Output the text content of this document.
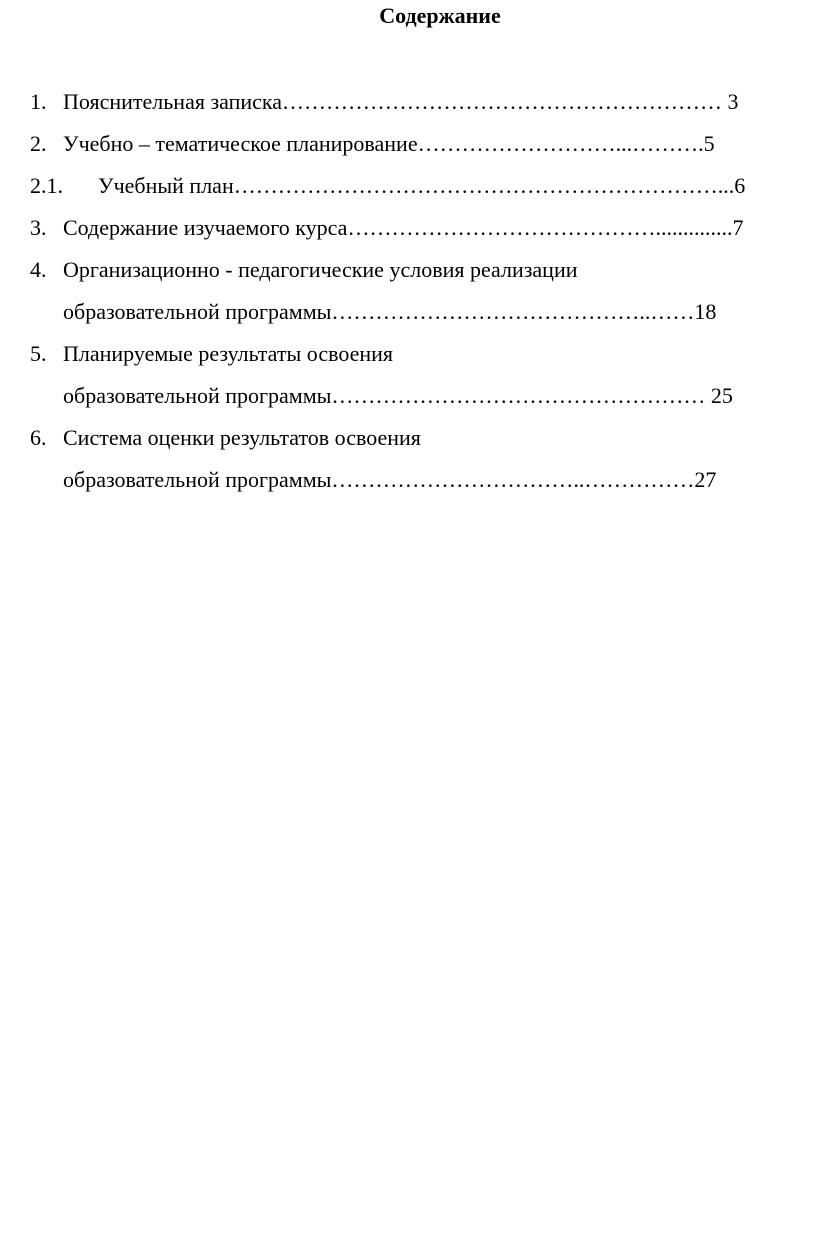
Содержание
1. Пояснительная записка…………………………………………………… 3
2. Учебно – тематическое планирование………………………...……….5
2.1. Учебный план…………………………………………………………...6
3. Содержание изучаемого курса……………………………………..............7
4. Организационно - педагогические условия реализации
образовательной программы……………………………………..……18
5. Планируемые результаты освоения
образовательной программы…………………………………………… 25
6. Система оценки результатов освоения
образовательной программы……………………………..……………27
